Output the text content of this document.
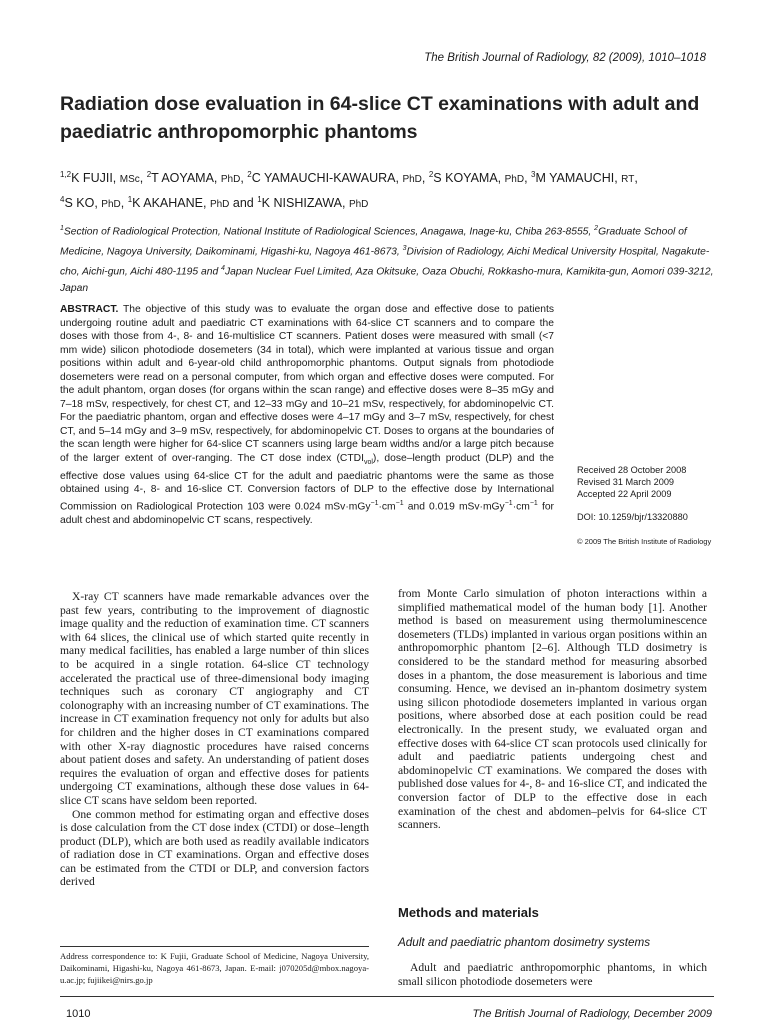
The British Journal of Radiology, 82 (2009), 1010–1018
Radiation dose evaluation in 64-slice CT examinations with adult and paediatric anthropomorphic phantoms
$^{1,2}$K FUJII, MSc, $^2$T AOYAMA, PhD, $^2$C YAMAUCHI-KAWAURA, PhD, $^2$S KOYAMA, PhD, $^3$M YAMAUCHI, RT,
$^4$S KO, PhD, $^1$K AKAHANE, PhD and $^1$K NISHIZAWA, PhD
$^1$Section of Radiological Protection, National Institute of Radiological Sciences, Anagawa, Inage-ku, Chiba 263-8555, $^2$Graduate School of Medicine, Nagoya University, Daikominami, Higashi-ku, Nagoya 461-8673, $^3$Division of Radiology, Aichi Medical University Hospital, Nagakute-cho, Aichi-gun, Aichi 480-1195 and $^4$Japan Nuclear Fuel Limited, Aza Okitsuke, Oaza Obuchi, Rokkasho-mura, Kamikita-gun, Aomori 039-3212, Japan
ABSTRACT. The objective of this study was to evaluate the organ dose and effective dose to patients undergoing routine adult and paediatric CT examinations with 64-slice CT scanners and to compare the doses with those from 4-, 8- and 16-multislice CT scanners. Patient doses were measured with small (<7 mm wide) silicon photodiode dosemeters (34 in total), which were implanted at various tissue and organ positions within adult and 6-year-old child anthropomorphic phantoms. Output signals from photodiode dosemeters were read on a personal computer, from which organ and effective doses were computed. For the adult phantom, organ doses (for organs within the scan range) and effective doses were 8–35 mGy and 7–18 mSv, respectively, for chest CT, and 12–33 mGy and 10–21 mSv, respectively, for abdominopelvic CT. For the paediatric phantom, organ and effective doses were 4–17 mGy and 3–7 mSv, respectively, for chest CT, and 5–14 mGy and 3–9 mSv, respectively, for abdominopelvic CT. Doses to organs at the boundaries of the scan length were higher for 64-slice CT scanners using large beam widths and/or a large pitch because of the larger extent of over-ranging. The CT dose index $(CTDI_{vol})$, dose–length product (DLP) and the effective dose values using 64-slice CT for the adult and paediatric phantoms were the same as those obtained using 4-, 8- and 16-slice CT. Conversion factors of DLP to the effective dose by International Commission on Radiological Protection 103 were 0.024 $mSv\cdot mGy^{-1}\cdot cm^{-1}$ and 0.019 $mSv\cdot mGy^{-1}\cdot cm^{-1}$ for adult chest and abdominopelvic CT scans, respectively.
Received 28 October 2008
Revised 31 March 2009
Accepted 22 April 2009
DOI: 10.1259/bjr/13320880
© 2009 The British Institute of Radiology

X-ray CT scanners have made remarkable advances over the past few years, contributing to the improvement of diagnostic image quality and the reduction of examination time. CT scanners with 64 slices, the clinical use of which started quite recently in many medical facilities, has enabled a large number of thin slices to be acquired in a single rotation. 64-slice CT technology accelerated the practical use of three-dimensional body imaging techniques such as coronary CT angiography and CT colonography with an increasing number of CT examinations. The increase in CT examination frequency not only for adults but also for children and the higher doses in CT examinations compared with other X-ray diagnostic procedures have raised concerns about patient doses and safety. An understanding of patient doses requires the evaluation of organ and effective doses for patients undergoing CT examinations, although these dose values in 64-slice CT scans have seldom been reported.

One common method for estimating organ and effective doses is dose calculation from the CT dose index (CTDI) or dose–length product (DLP), which are both used as readily available indicators of radiation dose in CT examinations. Organ and effective doses can be estimated from the CTDI or DLP, and conversion factors derived

from Monte Carlo simulation of photon interactions within a simplified mathematical model of the human body [1]. Another method is based on measurement using thermoluminescence dosemeters (TLDs) implanted in various organ positions within an anthropomorphic phantom [2–6]. Although TLD dosimetry is considered to be the standard method for measuring absorbed doses in a phantom, the dose measurement is laborious and time consuming. Hence, we devised an in-phantom dosimetry system using silicon photodiode dosemeters implanted in various organ positions, where absorbed dose at each position could be read electronically. In the present study, we evaluated organ and effective doses with 64-slice CT scan protocols used clinically for adult and paediatric patients undergoing chest and abdominopelvic CT examinations. We compared the doses with published dose values for 4-, 8- and 16-slice CT, and indicated the conversion factor of DLP to the effective dose in each examination of the chest and abdomen–pelvis for 64-slice CT scanners.

Methods and materials
Adult and paediatric phantom dosimetry systems

Adult and paediatric anthropomorphic phantoms, in which small silicon photodiode dosemeters were

Address correspondence to: K Fujii, Graduate School of Medicine, Nagoya University, Daikominami, Higashi-ku, Nagoya 461-8673, Japan. E-mail: j070205d@mbox.nagoya-u.ac.jp; fujiikei@nirs.go.jp
1010	The British Journal of Radiology, December 2009
